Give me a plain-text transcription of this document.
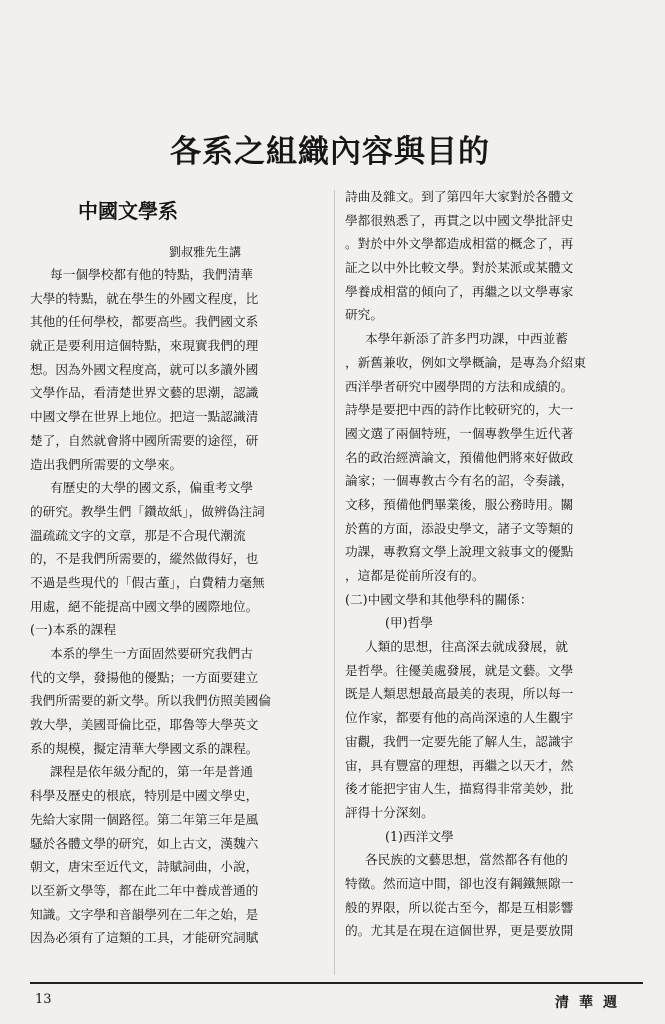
各系之組織內容與目的
中國文學系
劉叔雅先生講
每一個學校都有他的特點，我們清華
大學的特點，就在學生的外國文程度，比
其他的任何學校，都要高些。我們國文系
就正是要利用這個特點，來現實我們的理
想。因為外國文程度高，就可以多讀外國
文學作品，看清楚世界文藝的思潮，認識
中國文學在世界上地位。把這一點認識清
楚了，自然就會將中國所需要的途徑，研
造出我們所需要的文學來。
有歷史的大學的國文系，偏重考文學
的研究。教學生們「鑽故紙」，做辨偽注詞
溫疏疏文字的文章，那是不合現代潮流
的，不是我們所需要的，縱然做得好，也
不過是些現代的「假古董」，白費精力毫無
用處，絕不能提高中國文學的國際地位。
(一)本系的課程
本系的學生一方面固然要研究我們古
代的文學，發揚他的優點；一方面要建立
我們所需要的新文學。所以我們仿照美國倫
敦大學，美國哥倫比亞，耶魯等大學英文
系的規模，擬定清華大學國文系的課程。
課程是依年級分配的，第一年是普通
科學及歷史的根底，特別是中國文學史，
先給大家開一個路徑。第二年第三年是風
騷於各體文學的研究，如上古文，漢魏六
朝文，唐宋至近代文，詩賦詞曲，小說，
以至新文學等，都在此二年中養成普通的
知識。文字學和音韻學列在二年之始，是
因為必須有了這類的工具，才能研究詞賦
詩曲及雜文。到了第四年大家對於各體文
學都很熟悉了，再貫之以中國文學批評史
。對於中外文學都造成相當的概念了，再
証之以中外比較文學。對於某派或某體文
學養成相當的傾向了，再繼之以文學專家
研究。
本學年新添了許多門功課，中西並蓄
，新舊兼收，例如文學概論，是專為介紹東
西洋學者研究中國學問的方法和成績的。
詩學是要把中西的詩作比較研究的，大一
國文選了兩個特班，一個專教學生近代著
名的政治經濟論文，預備他們將來好做政
論家；一個專教古今有名的詔，令奏議，
文移，預備他們畢業後，服公務時用。關
於舊的方面，添設史學文，諸子文等類的
功課，專教寫文學上說理文敍事文的優點
，這都是從前所沒有的。
(二)中國文學和其他學科的關係：
(甲)哲學
人類的思想，往高深去就成發展，就
是哲學。往優美處發展，就是文藝。文學
既是人類思想最高最美的表現，所以每一
位作家，都要有他的高尚深遠的人生觀宇
宙觀，我們一定要先能了解人生，認識宇
宙，具有豐富的理想，再繼之以天才，然
後才能把宇宙人生，描寫得非常美妙，批
評得十分深刻。
(1)西洋文學
各民族的文藝思想，當然都各有他的
特徵。然而這中間，卻也沒有鋼鐵無隙一
般的界限，所以從古至今，都是互相影響
的。尤其是在現在這個世界，更是要放開
13	清華週
